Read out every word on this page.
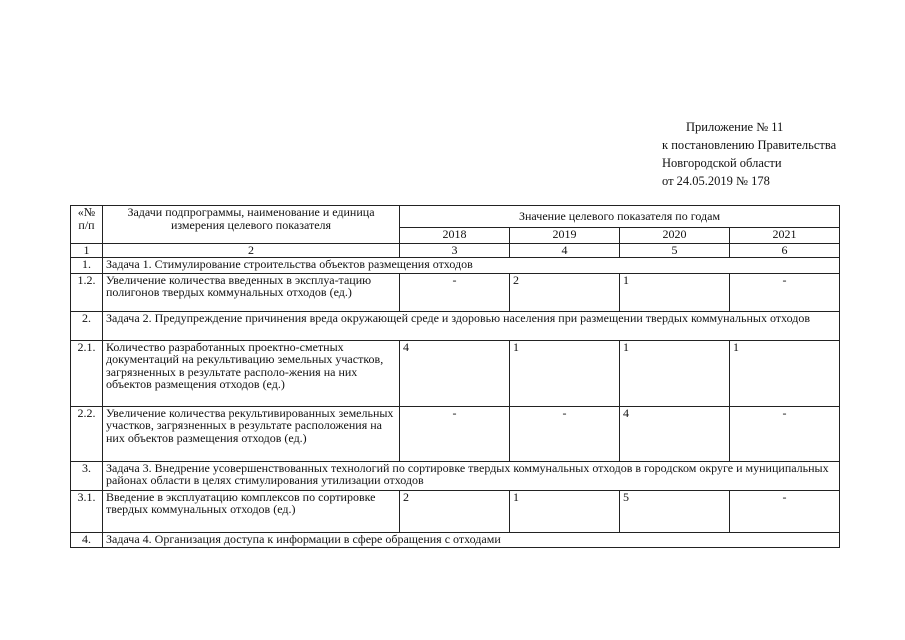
Приложение № 11
к постановлению Правительства
Новгородской области
от 24.05.2019 № 178
«№ п/п	Задачи подпрограммы, наименование и единица измерения целевого показателя	Значение целевого показателя по годам			
		2018	2019	2020	2021
1	2	3	4	5	6
1.	Задача 1. Стимулирование строительства объектов размещения отходов				
1.2.	Увеличение количества введенных в эксплуа-тацию полигонов твердых коммунальных отходов (ед.)	-	2	1	-
2.	Задача 2. Предупреждение причинения вреда окружающей среде и здоровью населения при размещении твердых коммунальных отходов				
2.1.	Количество разработанных проектно-сметных документаций на рекультивацию земельных участков, загрязненных в результате располо-жения на них объектов размещения отходов (ед.)	4	1	1	1
2.2.	Увеличение количества рекультивированных земельных участков, загрязненных в результате расположения на них объектов размещения отходов (ед.)	-	-	4	-
3.	Задача 3. Внедрение усовершенствованных технологий по сортировке твердых коммунальных отходов в городском округе и муниципальных районах области в целях стимулирования утилизации отходов				
3.1.	Введение в эксплуатацию комплексов по сортировке твердых коммунальных отходов (ед.)	2	1	5	-
4.	Задача 4. Организация доступа к информации в сфере обращения с отходами				
